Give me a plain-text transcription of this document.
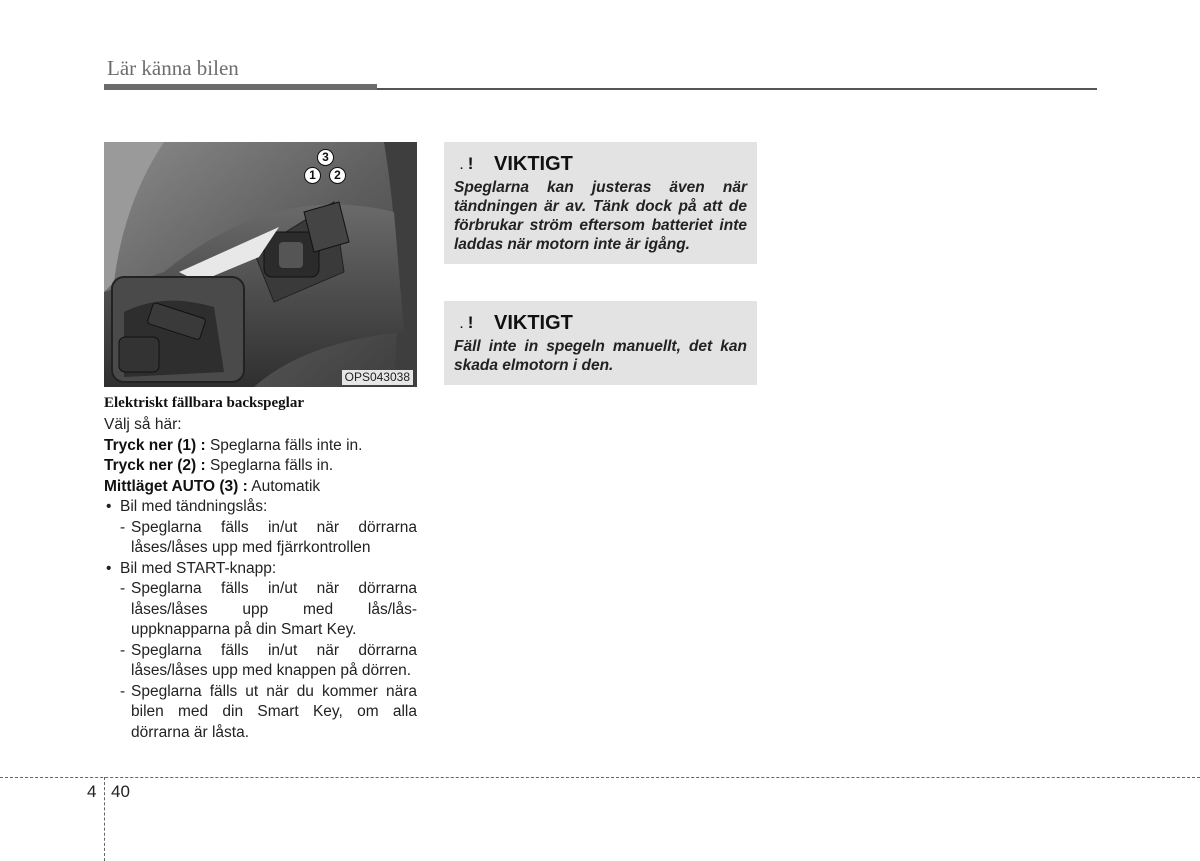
Lär känna bilen
3
1	2
OPS043038
Elektriskt fällbara backspeglar

Välj så här:

Tryck ner (1) : Speglarna fälls inte in.

Tryck ner (2) : Speglarna fälls in.

Mittläget AUTO (3) : Automatik

• Bil med tändningslås:

- Speglarna fälls in/ut när dörrarna låses/låses upp med fjärrkontrollen

• Bil med START-knapp:

- Speglarna fälls in/ut när dörrarna låses/låses upp med lås/lås-uppknapparna på din Smart Key.

- Speglarna fälls in/ut när dörrarna låses/låses upp med knappen på dörren.

- Speglarna fälls ut när du kommer nära bilen med din Smart Key, om alla dörrarna är låsta.

. !	VIKTIGT
Speglarna kan justeras även när tändningen är av. Tänk dock på att de förbrukar ström eftersom batteriet inte laddas när motorn inte är igång.
. !	VIKTIGT
Fäll inte in spegeln manuellt, det kan skada elmotorn i den.
4 40
